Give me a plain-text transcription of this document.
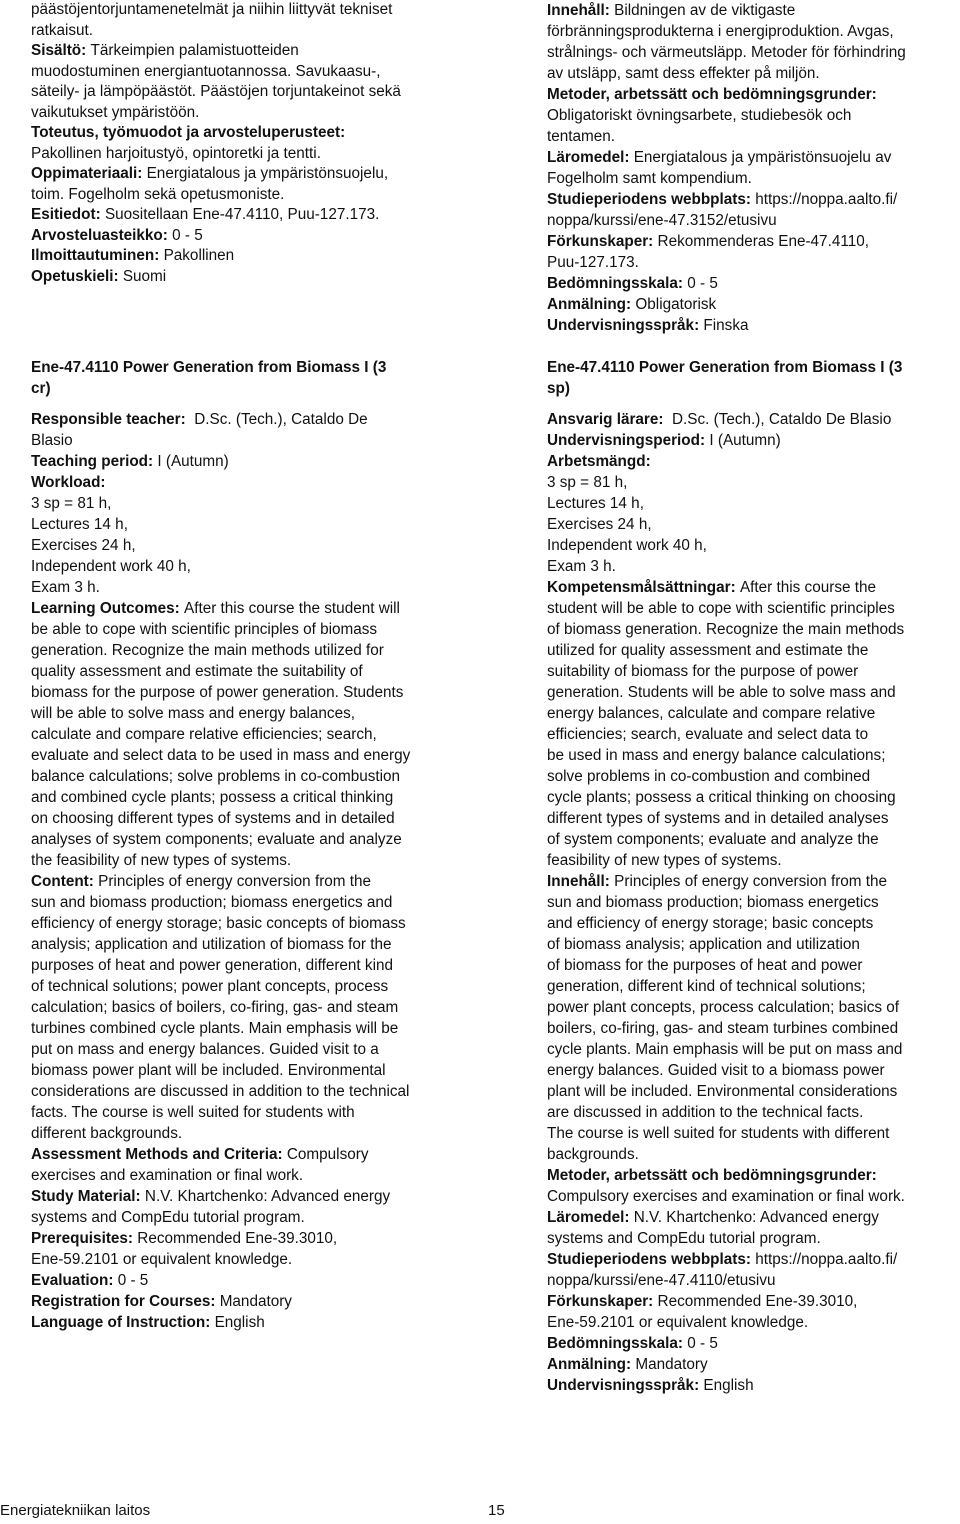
päästöjentorjuntamenetelmät ja niihin liittyvät tekniset
ratkaisut.
Sisältö: Tärkeimpien palamistuotteiden
muodostuminen energiantuotannossa. Savukaasu-,
säteily- ja lämpöpäästöt. Päästöjen torjuntakeinot sekä
vaikutukset ympäristöön.
Toteutus, työmuodot ja arvosteluperusteet:
Pakollinen harjoitustyö, opintoretki ja tentti.
Oppimateriaali: Energiatalous ja ympäristönsuojelu,
toim. Fogelholm sekä opetusmoniste.
Esitiedot: Suositellaan Ene-47.4110, Puu-127.173.
Arvosteluasteikko: 0 - 5
Ilmoittautuminen: Pakollinen
Opetuskieli: Suomi
Ene-47.4110 Power Generation from Biomass I (3
cr)
Responsible teacher:  D.Sc. (Tech.), Cataldo De
Blasio
Teaching period: I (Autumn)
Workload:
3 sp = 81 h,
Lectures 14 h,
Exercises 24 h,
Independent work 40 h,
Exam 3 h.
Learning Outcomes: After this course the student will
be able to cope with scientific principles of biomass
generation. Recognize the main methods utilized for
quality assessment and estimate the suitability of
biomass for the purpose of power generation. Students
will be able to solve mass and energy balances,
calculate and compare relative efficiencies; search,
evaluate and select data to be used in mass and energy
balance calculations; solve problems in co-combustion
and combined cycle plants; possess a critical thinking
on choosing different types of systems and in detailed
analyses of system components; evaluate and analyze
the feasibility of new types of systems.
Content: Principles of energy conversion from the
sun and biomass production; biomass energetics and
efficiency of energy storage; basic concepts of biomass
analysis; application and utilization of biomass for the
purposes of heat and power generation, different kind
of technical solutions; power plant concepts, process
calculation; basics of boilers, co-firing, gas- and steam
turbines combined cycle plants. Main emphasis will be
put on mass and energy balances. Guided visit to a
biomass power plant will be included. Environmental
considerations are discussed in addition to the technical
facts. The course is well suited for students with
different backgrounds.
Assessment Methods and Criteria: Compulsory
exercises and examination or final work.
Study Material: N.V. Khartchenko: Advanced energy
systems and CompEdu tutorial program.
Prerequisites: Recommended Ene-39.3010,
Ene-59.2101 or equivalent knowledge.
Evaluation: 0 - 5
Registration for Courses: Mandatory
Language of Instruction: English
Innehåll: Bildningen av de viktigaste
förbränningsprodukterna i energiproduktion. Avgas,
strålnings- och värmeutsläpp. Metoder för förhindring
av utsläpp, samt dess effekter på miljön.
Metoder, arbetssätt och bedömningsgrunder:
Obligatoriskt övningsarbete, studiebesök och
tentamen.
Läromedel: Energiatalous ja ympäristönsuojelu av
Fogelholm samt kompendium.
Studieperiodens webbplats: https://noppa.aalto.fi/
noppa/kurssi/ene-47.3152/etusivu
Förkunskaper: Rekommenderas Ene-47.4110,
Puu-127.173.
Bedömningsskala: 0 - 5
Anmälning: Obligatorisk
Undervisningsspråk: Finska
Ene-47.4110 Power Generation from Biomass I (3
sp)
Ansvarig lärare:  D.Sc. (Tech.), Cataldo De Blasio
Undervisningsperiod: I (Autumn)
Arbetsmängd:
3 sp = 81 h,
Lectures 14 h,
Exercises 24 h,
Independent work 40 h,
Exam 3 h.
Kompetensmålsättningar: After this course the
student will be able to cope with scientific principles
of biomass generation. Recognize the main methods
utilized for quality assessment and estimate the
suitability of biomass for the purpose of power
generation. Students will be able to solve mass and
energy balances, calculate and compare relative
efficiencies; search, evaluate and select data to
be used in mass and energy balance calculations;
solve problems in co-combustion and combined
cycle plants; possess a critical thinking on choosing
different types of systems and in detailed analyses
of system components; evaluate and analyze the
feasibility of new types of systems.
Innehåll: Principles of energy conversion from the
sun and biomass production; biomass energetics
and efficiency of energy storage; basic concepts
of biomass analysis; application and utilization
of biomass for the purposes of heat and power
generation, different kind of technical solutions;
power plant concepts, process calculation; basics of
boilers, co-firing, gas- and steam turbines combined
cycle plants. Main emphasis will be put on mass and
energy balances. Guided visit to a biomass power
plant will be included. Environmental considerations
are discussed in addition to the technical facts.
The course is well suited for students with different
backgrounds.
Metoder, arbetssätt och bedömningsgrunder:
Compulsory exercises and examination or final work.
Läromedel: N.V. Khartchenko: Advanced energy
systems and CompEdu tutorial program.
Studieperiodens webbplats: https://noppa.aalto.fi/
noppa/kurssi/ene-47.4110/etusivu
Förkunskaper: Recommended Ene-39.3010,
Ene-59.2101 or equivalent knowledge.
Bedömningsskala: 0 - 5
Anmälning: Mandatory
Undervisningsspråk: English
Energiatekniikan laitos	15
